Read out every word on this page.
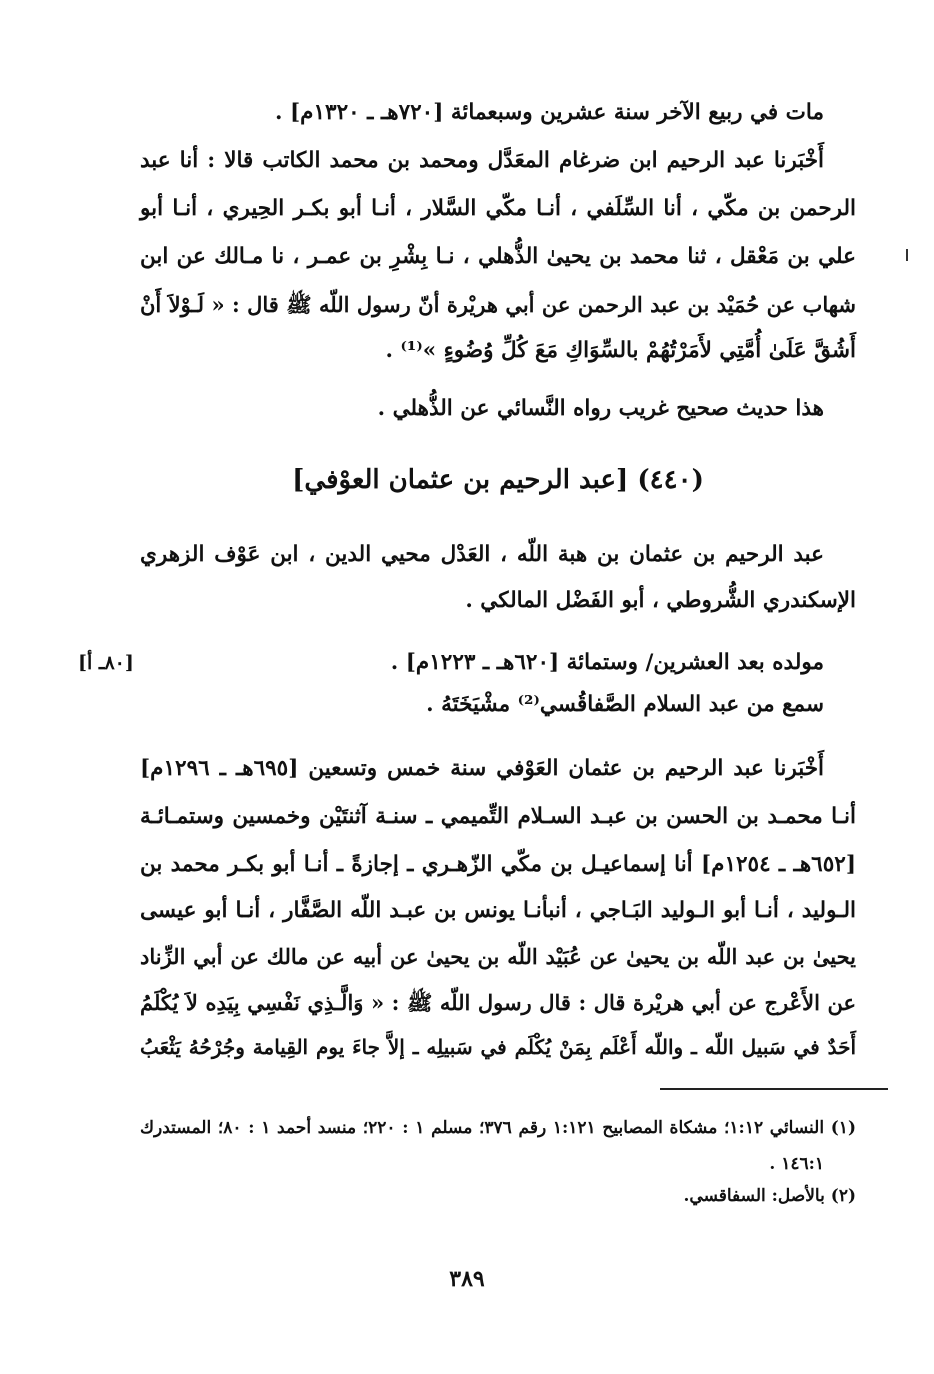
مات في ربيع الآخر سنة عشرين وسبعمائة [٧٢٠هـ ـ ١٣٢٠م] .
أَخْبَرنا عبد الرحيم ابن ضرغام المعَدَّل ومحمد بن محمد الكاتب قالا : أنا عبد
الرحمن بن مكّي ، أنا السِّلَفي ، أنـا مكّي السَّلار ، أنـا أبو بكـر الحِيري ، أنـا أبو
علي بن مَعْقل ، ثنا محمد بن يحيىٰ الذُّهلي ، نـا بِشْرِ بن عمـر ، نا مـالك عن ابن
شهاب عن حُمَيْد بن عبد الرحمن عن أبي هريْرة أنّ رسول اللّه ﷺ قال : « لَـوْلاَ أَنْ
أَشُقَّ عَلَىٰ أُمَّتِي لأَمَرْتُهُمْ بالسِّوَاكِ مَعَ كُلِّ وُضُوءٍ »⁽¹⁾ .
هذا حديث صحيح غريب رواه النَّسائي عن الذُّهلي .
(٤٤٠) [عبد الرحيم بن عثمان العوْفي]
عبد الرحيم بن عثمان بن هبة اللّه ، العَدْل محيي الدين ، ابن عَوْف الزهري
الإسكندري الشُّروطي ، أبو الفَضْل المالكي .
[٨٠ـ أ]	مولده بعد العشرين/ وستمائة [٦٢٠هـ ـ ١٢٢٣م] .
سمع من عبد السلام الصَّفاقُسي⁽²⁾ مشْيَخَتَهُ .
أَخْبَرنا عبد الرحيم بن عثمان العَوْفي سنة خمس وتسعين [٦٩٥هـ ـ ١٢٩٦م]
أنـا محمـد بن الحسن بن عبـد السـلام التِّميمي ـ سنـة آثنتَيْن وخمسين وستمـائـة
[٦٥٢هـ ـ ١٢٥٤م] أنا إسماعيـل بن مكّي الزّهـري ـ إجازةً ـ أنـا أبو بكـر محمد بن
الـوليد ، أنـا أبو الـوليد البَـاجي ، أنبأنـا يونس بن عبـد اللّه الصَّفَّار ، أنـا أبو عيسى
يحيىٰ بن عبد اللّه بن يحيىٰ عن عُبَيْد اللّه بن يحيىٰ عن أبيه عن مالك عن أبي الزِّناد
عن الأَعْرج عن أبي هريْرة قال : قال رسول اللّه ﷺ : « وَالَّـذِي نَفْسِي بِيَدِه لاَ يُكْلَمُ
أَحَدٌ في سَبيل اللّه ـ واللّه أَعْلَم بِمَنْ يُكْلَم في سَبيلِه ـ إلاَّ جاءَ يوم القِيامة وجُرْحُهُ يَثْعَبُ
(١) النسائي ١:١٢؛ مشكاة المصابيح ١:١٢١ رقم ٣٧٦؛ مسلم ١ : ٢٢٠؛ منسد أحمد ١ : ٨٠؛ المستدرك
١٤٦:١ .
(٢) بالأصل: السفاقسي.
٣٨٩
